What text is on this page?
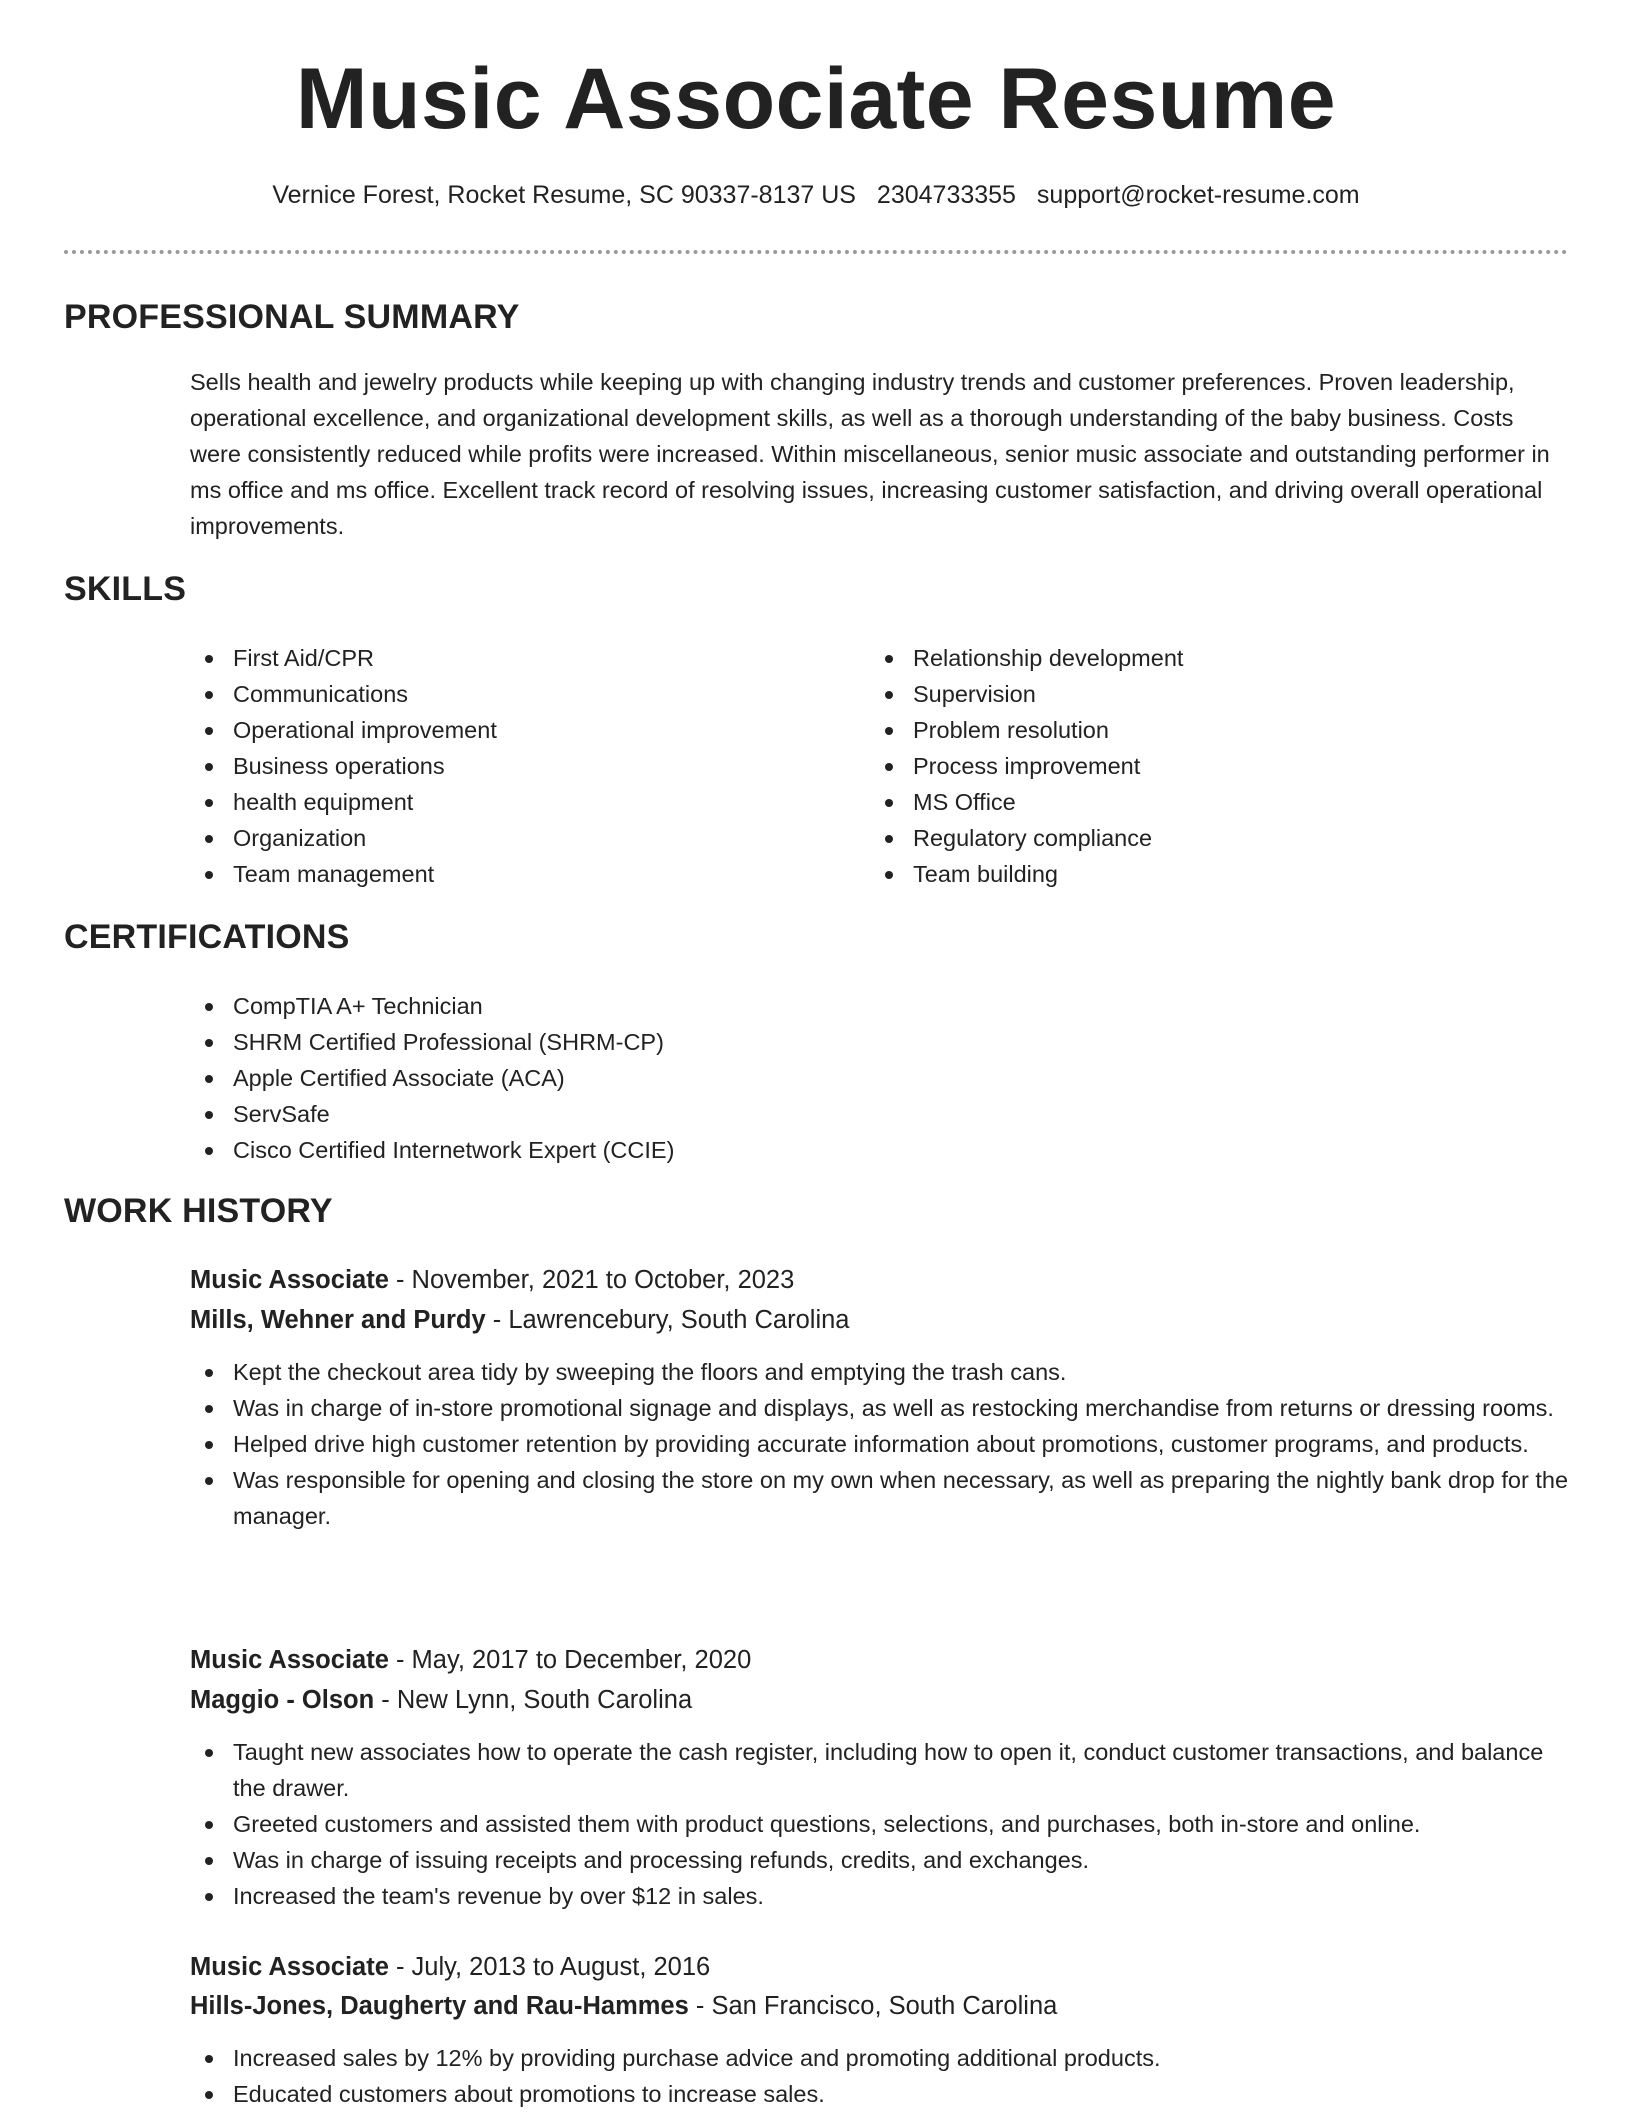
Music Associate Resume
Vernice Forest, Rocket Resume, SC 90337-8137 US 2304733355 support@rocket-resume.com
PROFESSIONAL SUMMARY

Sells health and jewelry products while keeping up with changing industry trends and customer preferences. Proven leadership, operational excellence, and organizational development skills, as well as a thorough understanding of the baby business. Costs were consistently reduced while profits were increased. Within miscellaneous, senior music associate and outstanding performer in ms office and ms office. Excellent track record of resolving issues, increasing customer satisfaction, and driving overall operational improvements.

SKILLS
First Aid/CPR
Communications
Operational improvement
Business operations
health equipment
Organization
Team management
Relationship development
Supervision
Problem resolution
Process improvement
MS Office
Regulatory compliance
Team building
CERTIFICATIONS
CompTIA A+ Technician
SHRM Certified Professional (SHRM-CP)
Apple Certified Associate (ACA)
ServSafe
Cisco Certified Internetwork Expert (CCIE)
WORK HISTORY
Music Associate - November, 2021 to October, 2023
Mills, Wehner and Purdy - Lawrencebury, South Carolina
Kept the checkout area tidy by sweeping the floors and emptying the trash cans.
Was in charge of in-store promotional signage and displays, as well as restocking merchandise from returns or dressing rooms.
Helped drive high customer retention by providing accurate information about promotions, customer programs, and products.
Was responsible for opening and closing the store on my own when necessary, as well as preparing the nightly bank drop for the manager.
Music Associate - May, 2017 to December, 2020
Maggio - Olson - New Lynn, South Carolina
Taught new associates how to operate the cash register, including how to open it, conduct customer transactions, and balance the drawer.
Greeted customers and assisted them with product questions, selections, and purchases, both in-store and online.
Was in charge of issuing receipts and processing refunds, credits, and exchanges.
Increased the team's revenue by over $12 in sales.
Music Associate - July, 2013 to August, 2016
Hills-Jones, Daugherty and Rau-Hammes - San Francisco, South Carolina
Increased sales by 12% by providing purchase advice and promoting additional products.
Educated customers about promotions to increase sales.
